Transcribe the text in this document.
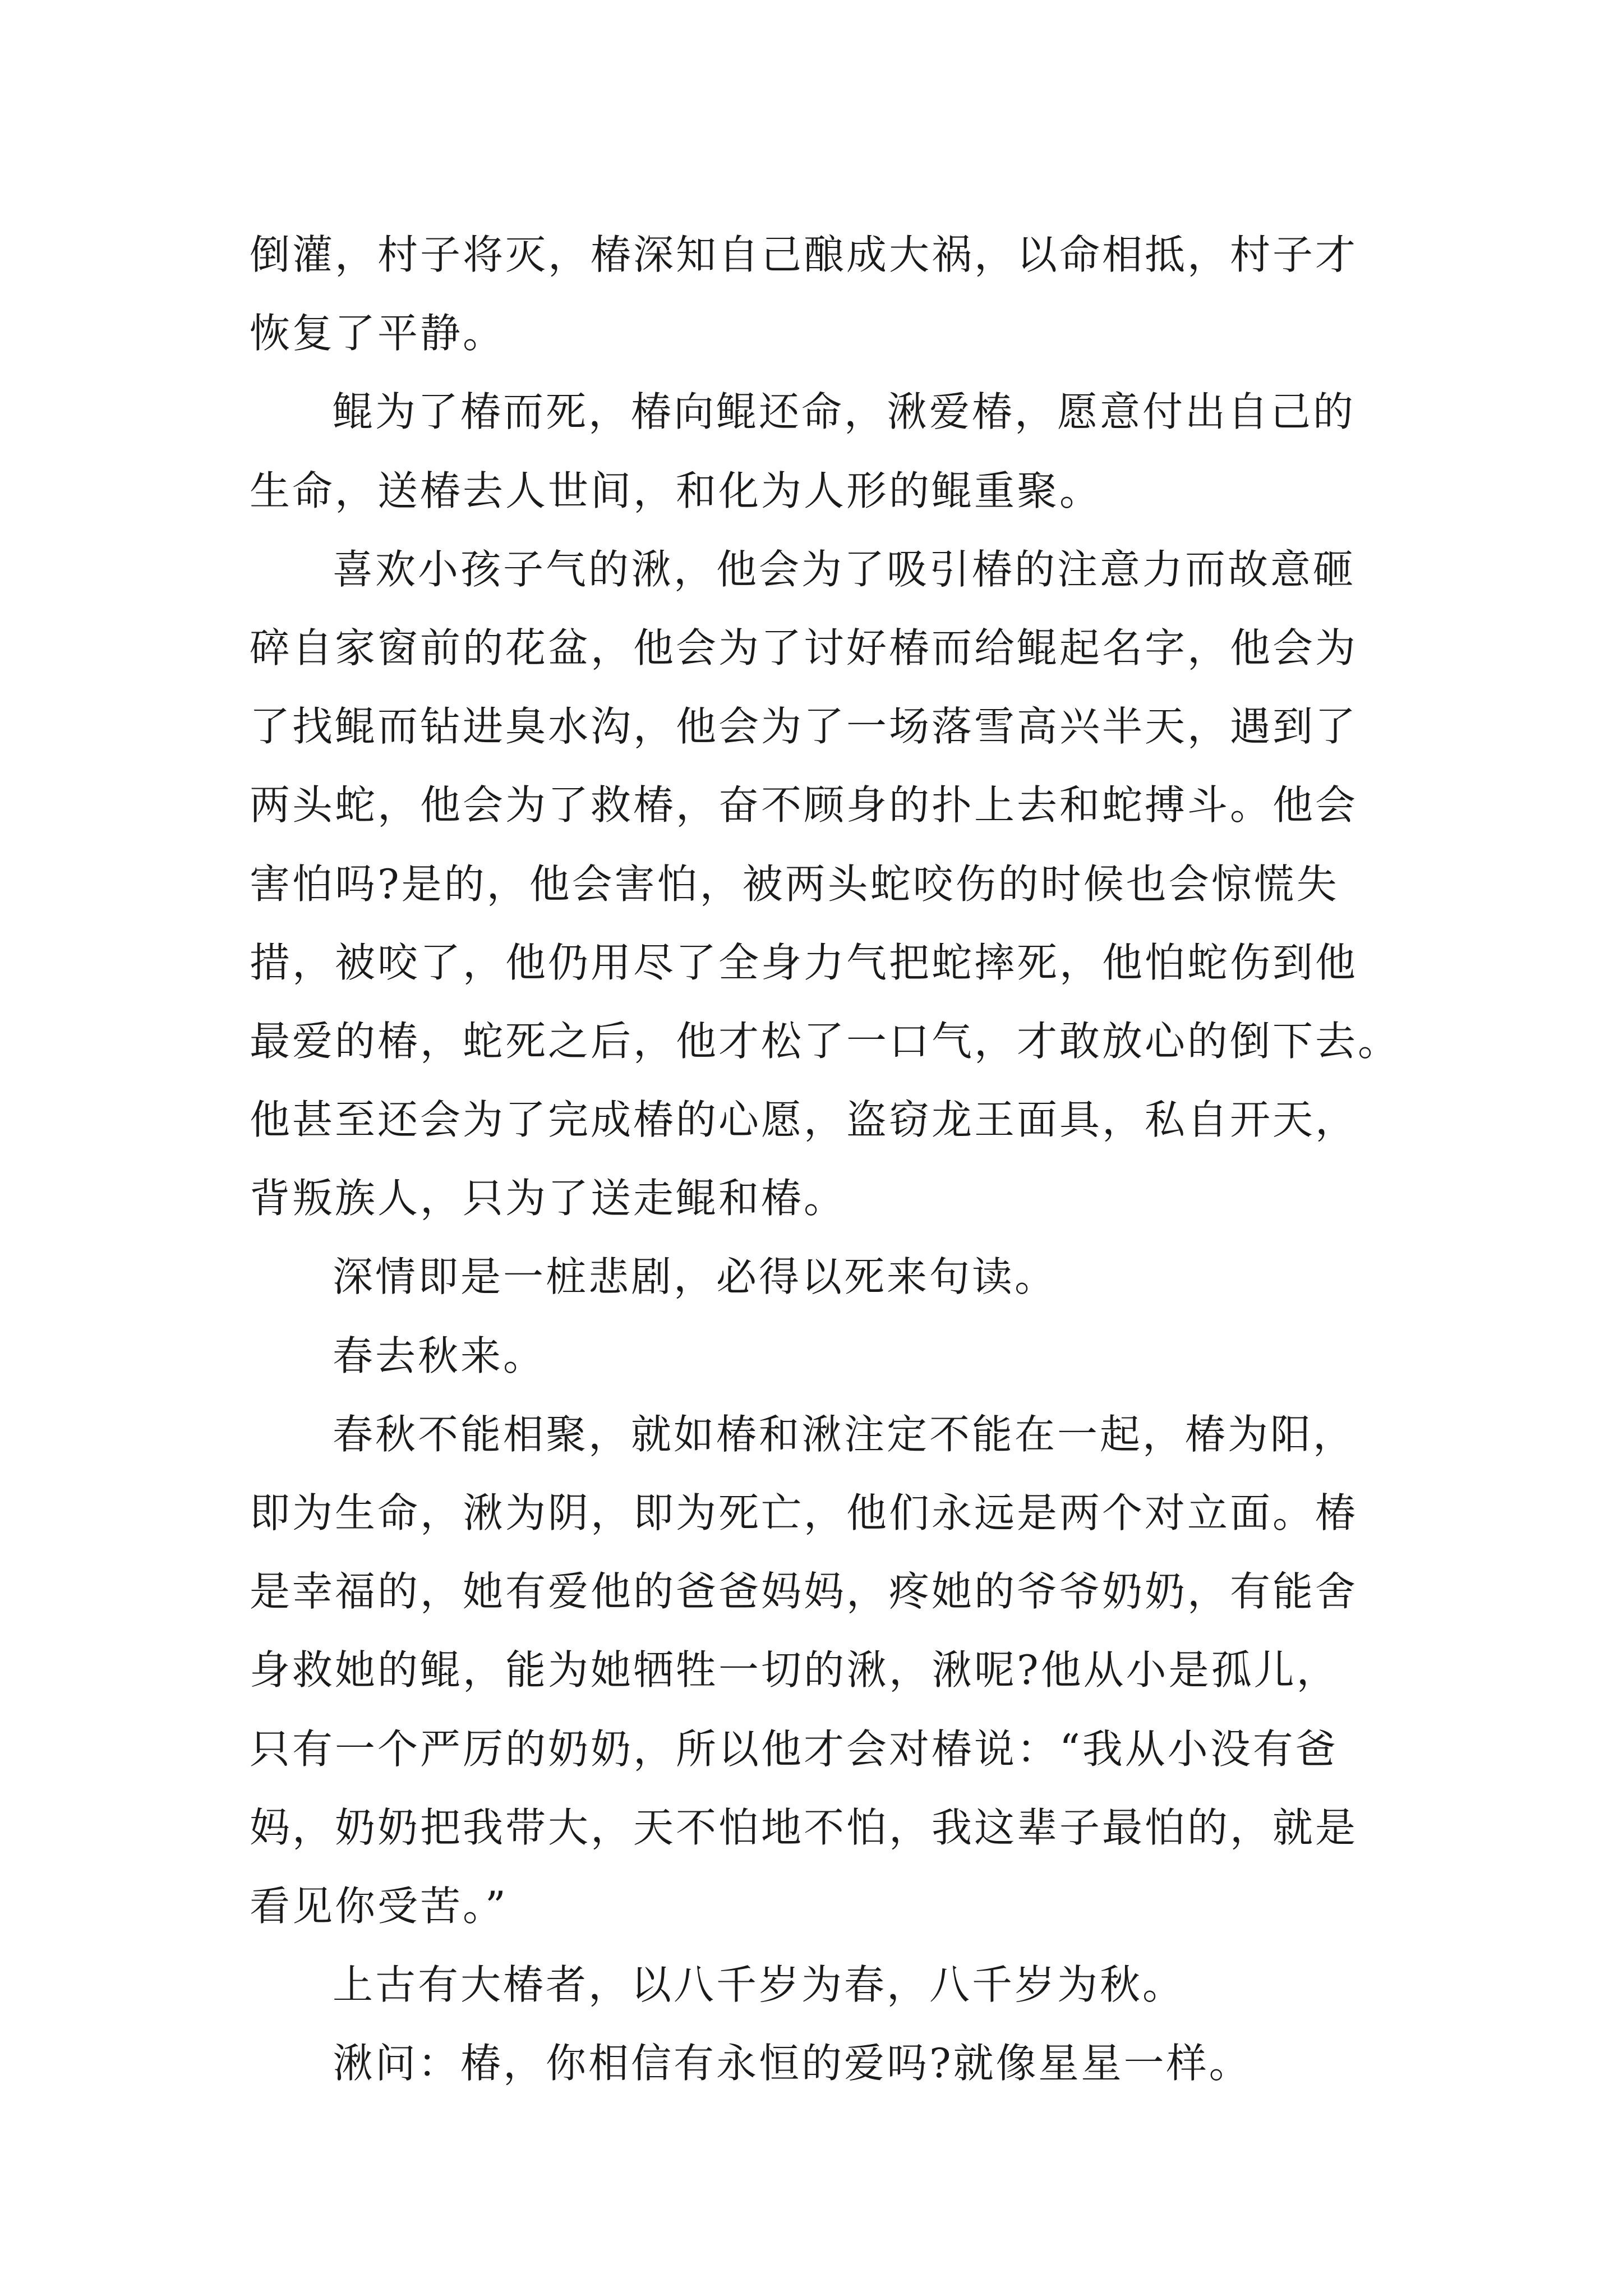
倒灌，村子将灭，椿深知自己酿成大祸，以命相抵，村子才
恢复了平静。
鲲为了椿而死，椿向鲲还命，湫爱椿，愿意付出自己的
生命，送椿去人世间，和化为人形的鲲重聚。
喜欢小孩子气的湫，他会为了吸引椿的注意力而故意砸
碎自家窗前的花盆，他会为了讨好椿而给鲲起名字，他会为
了找鲲而钻进臭水沟，他会为了一场落雪高兴半天，遇到了
两头蛇，他会为了救椿，奋不顾身的扑上去和蛇搏斗。他会
害怕吗?是的，他会害怕，被两头蛇咬伤的时候也会惊慌失
措，被咬了，他仍用尽了全身力气把蛇摔死，他怕蛇伤到他
最爱的椿，蛇死之后，他才松了一口气，才敢放心的倒下去。
他甚至还会为了完成椿的心愿，盗窃龙王面具，私自开天，
背叛族人，只为了送走鲲和椿。
深情即是一桩悲剧，必得以死来句读。
春去秋来。
春秋不能相聚，就如椿和湫注定不能在一起，椿为阳，
即为生命，湫为阴，即为死亡，他们永远是两个对立面。椿
是幸福的，她有爱他的爸爸妈妈，疼她的爷爷奶奶，有能舍
身救她的鲲，能为她牺牲一切的湫，湫呢?他从小是孤儿，
只有一个严厉的奶奶，所以他才会对椿说：“我从小没有爸
妈，奶奶把我带大，天不怕地不怕，我这辈子最怕的，就是
看见你受苦。”
上古有大椿者，以八千岁为春，八千岁为秋。
湫问：椿，你相信有永恒的爱吗?就像星星一样。
